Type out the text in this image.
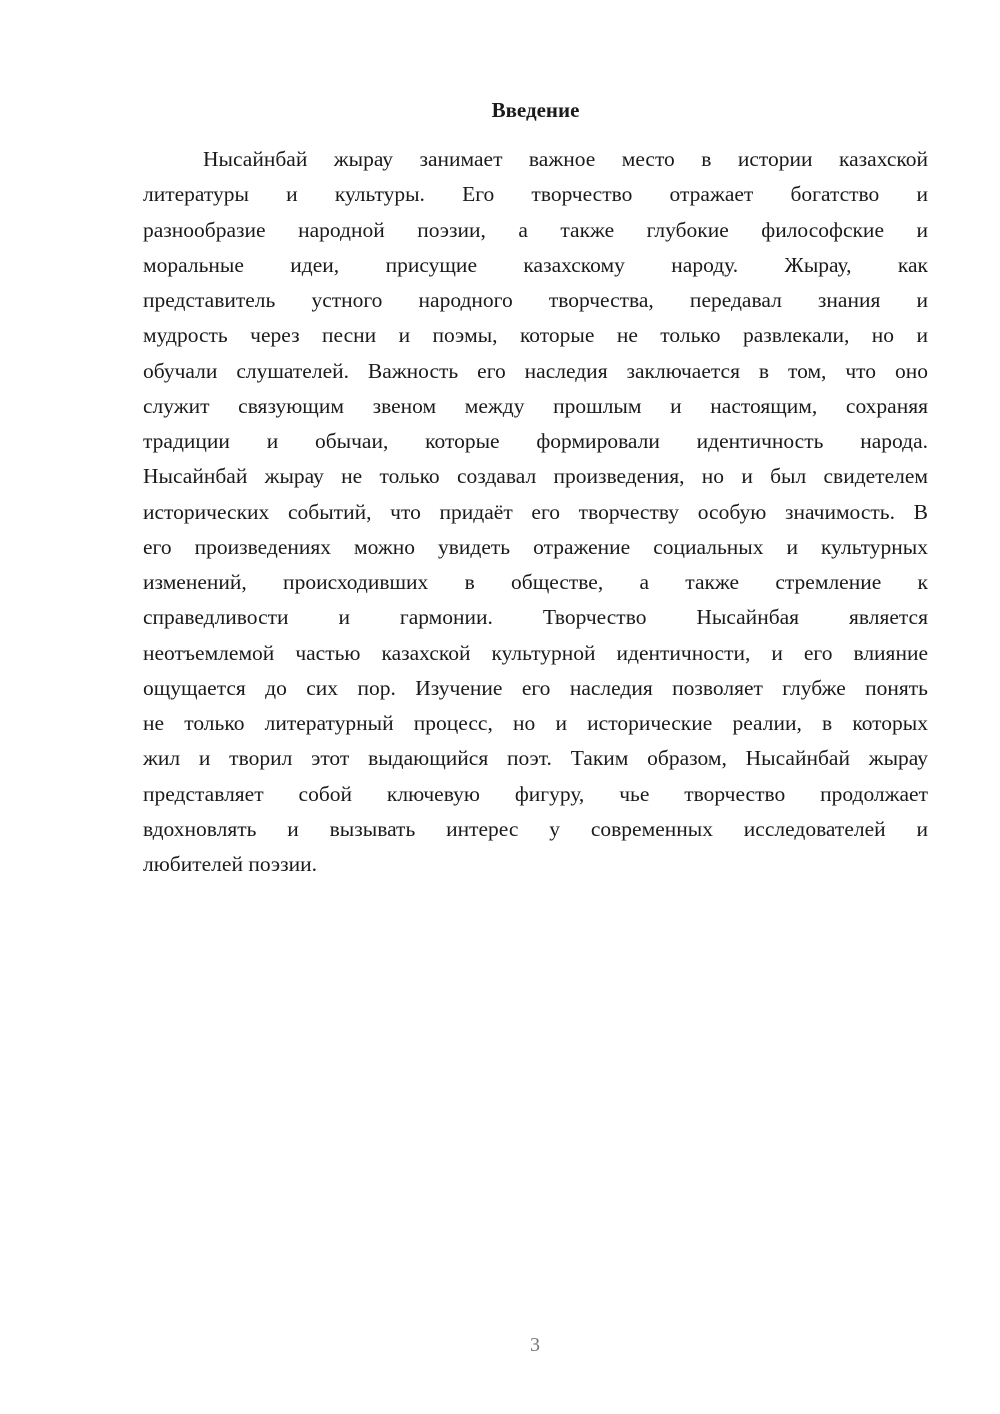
Введение
Нысайнбай жырау занимает важное место в истории казахской
литературы и культуры. Его творчество отражает богатство и
разнообразие народной поэзии, а также глубокие философские и
моральные идеи, присущие казахскому народу. Жырау, как
представитель устного народного творчества, передавал знания и
мудрость через песни и поэмы, которые не только развлекали, но и
обучали слушателей. Важность его наследия заключается в том, что оно
служит связующим звеном между прошлым и настоящим, сохраняя
традиции и обычаи, которые формировали идентичность народа.
Нысайнбай жырау не только создавал произведения, но и был свидетелем
исторических событий, что придаёт его творчеству особую значимость. В
его произведениях можно увидеть отражение социальных и культурных
изменений, происходивших в обществе, а также стремление к
справедливости и гармонии. Творчество Нысайнбая является
неотъемлемой частью казахской культурной идентичности, и его влияние
ощущается до сих пор. Изучение его наследия позволяет глубже понять
не только литературный процесс, но и исторические реалии, в которых
жил и творил этот выдающийся поэт. Таким образом, Нысайнбай жырау
представляет собой ключевую фигуру, чье творчество продолжает
вдохновлять и вызывать интерес у современных исследователей и
любителей поэзии.
3
